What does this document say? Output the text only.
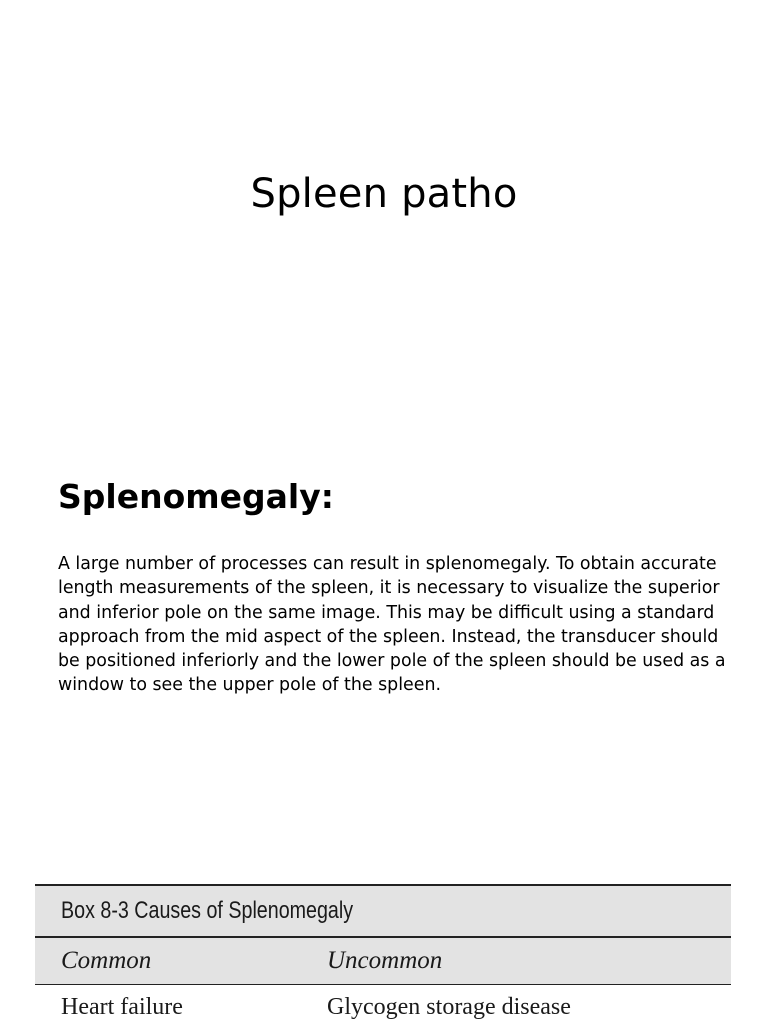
Spleen patho
Splenomegaly:
A large number of processes can result in splenomegaly. To obtain accurate length measurements of the spleen, it is necessary to visualize the superior and inferior pole on the same image. This may be difficult using a standard approach from the mid aspect of the spleen. Instead, the transducer should be positioned inferiorly and the lower pole of the spleen should be used as a window to see the upper pole of the spleen.
Box 8-3 Causes of Splenomegaly
Common	Uncommon
Heart failure	Glycogen storage disease
